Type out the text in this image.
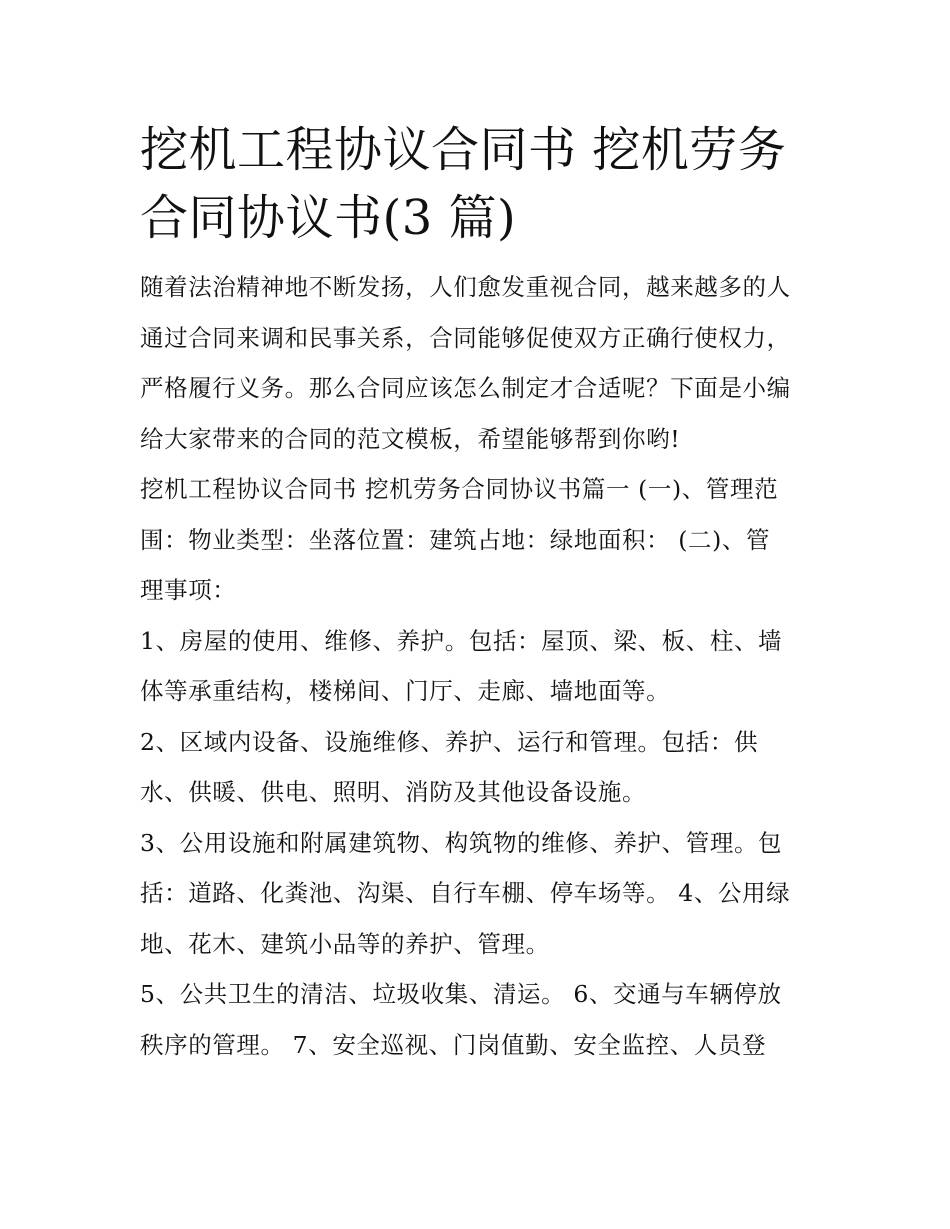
挖机工程协议合同书 挖机劳务
合同协议书(3 篇)

随着法治精神地不断发扬，人们愈发重视合同，越来越多的人
通过合同来调和民事关系，合同能够促使双方正确行使权力，
严格履行义务。那么合同应该怎么制定才合适呢？下面是小编
给大家带来的合同的范文模板，希望能够帮到你哟!

挖机工程协议合同书 挖机劳务合同协议书篇一 (一)、管理范
围：物业类型：坐落位置：建筑占地：绿地面积： (二)、管
理事项：

1、房屋的使用、维修、养护。包括：屋顶、梁、板、柱、墙
体等承重结构，楼梯间、门厅、走廊、墙地面等。

2、区域内设备、设施维修、养护、运行和管理。包括：供
水、供暖、供电、照明、消防及其他设备设施。

3、公用设施和附属建筑物、构筑物的维修、养护、管理。包
括：道路、化粪池、沟渠、自行车棚、停车场等。 4、公用绿
地、花木、建筑小品等的养护、管理。

5、公共卫生的清洁、垃圾收集、清运。 6、交通与车辆停放
秩序的管理。 7、安全巡视、门岗值勤、安全监控、人员登
